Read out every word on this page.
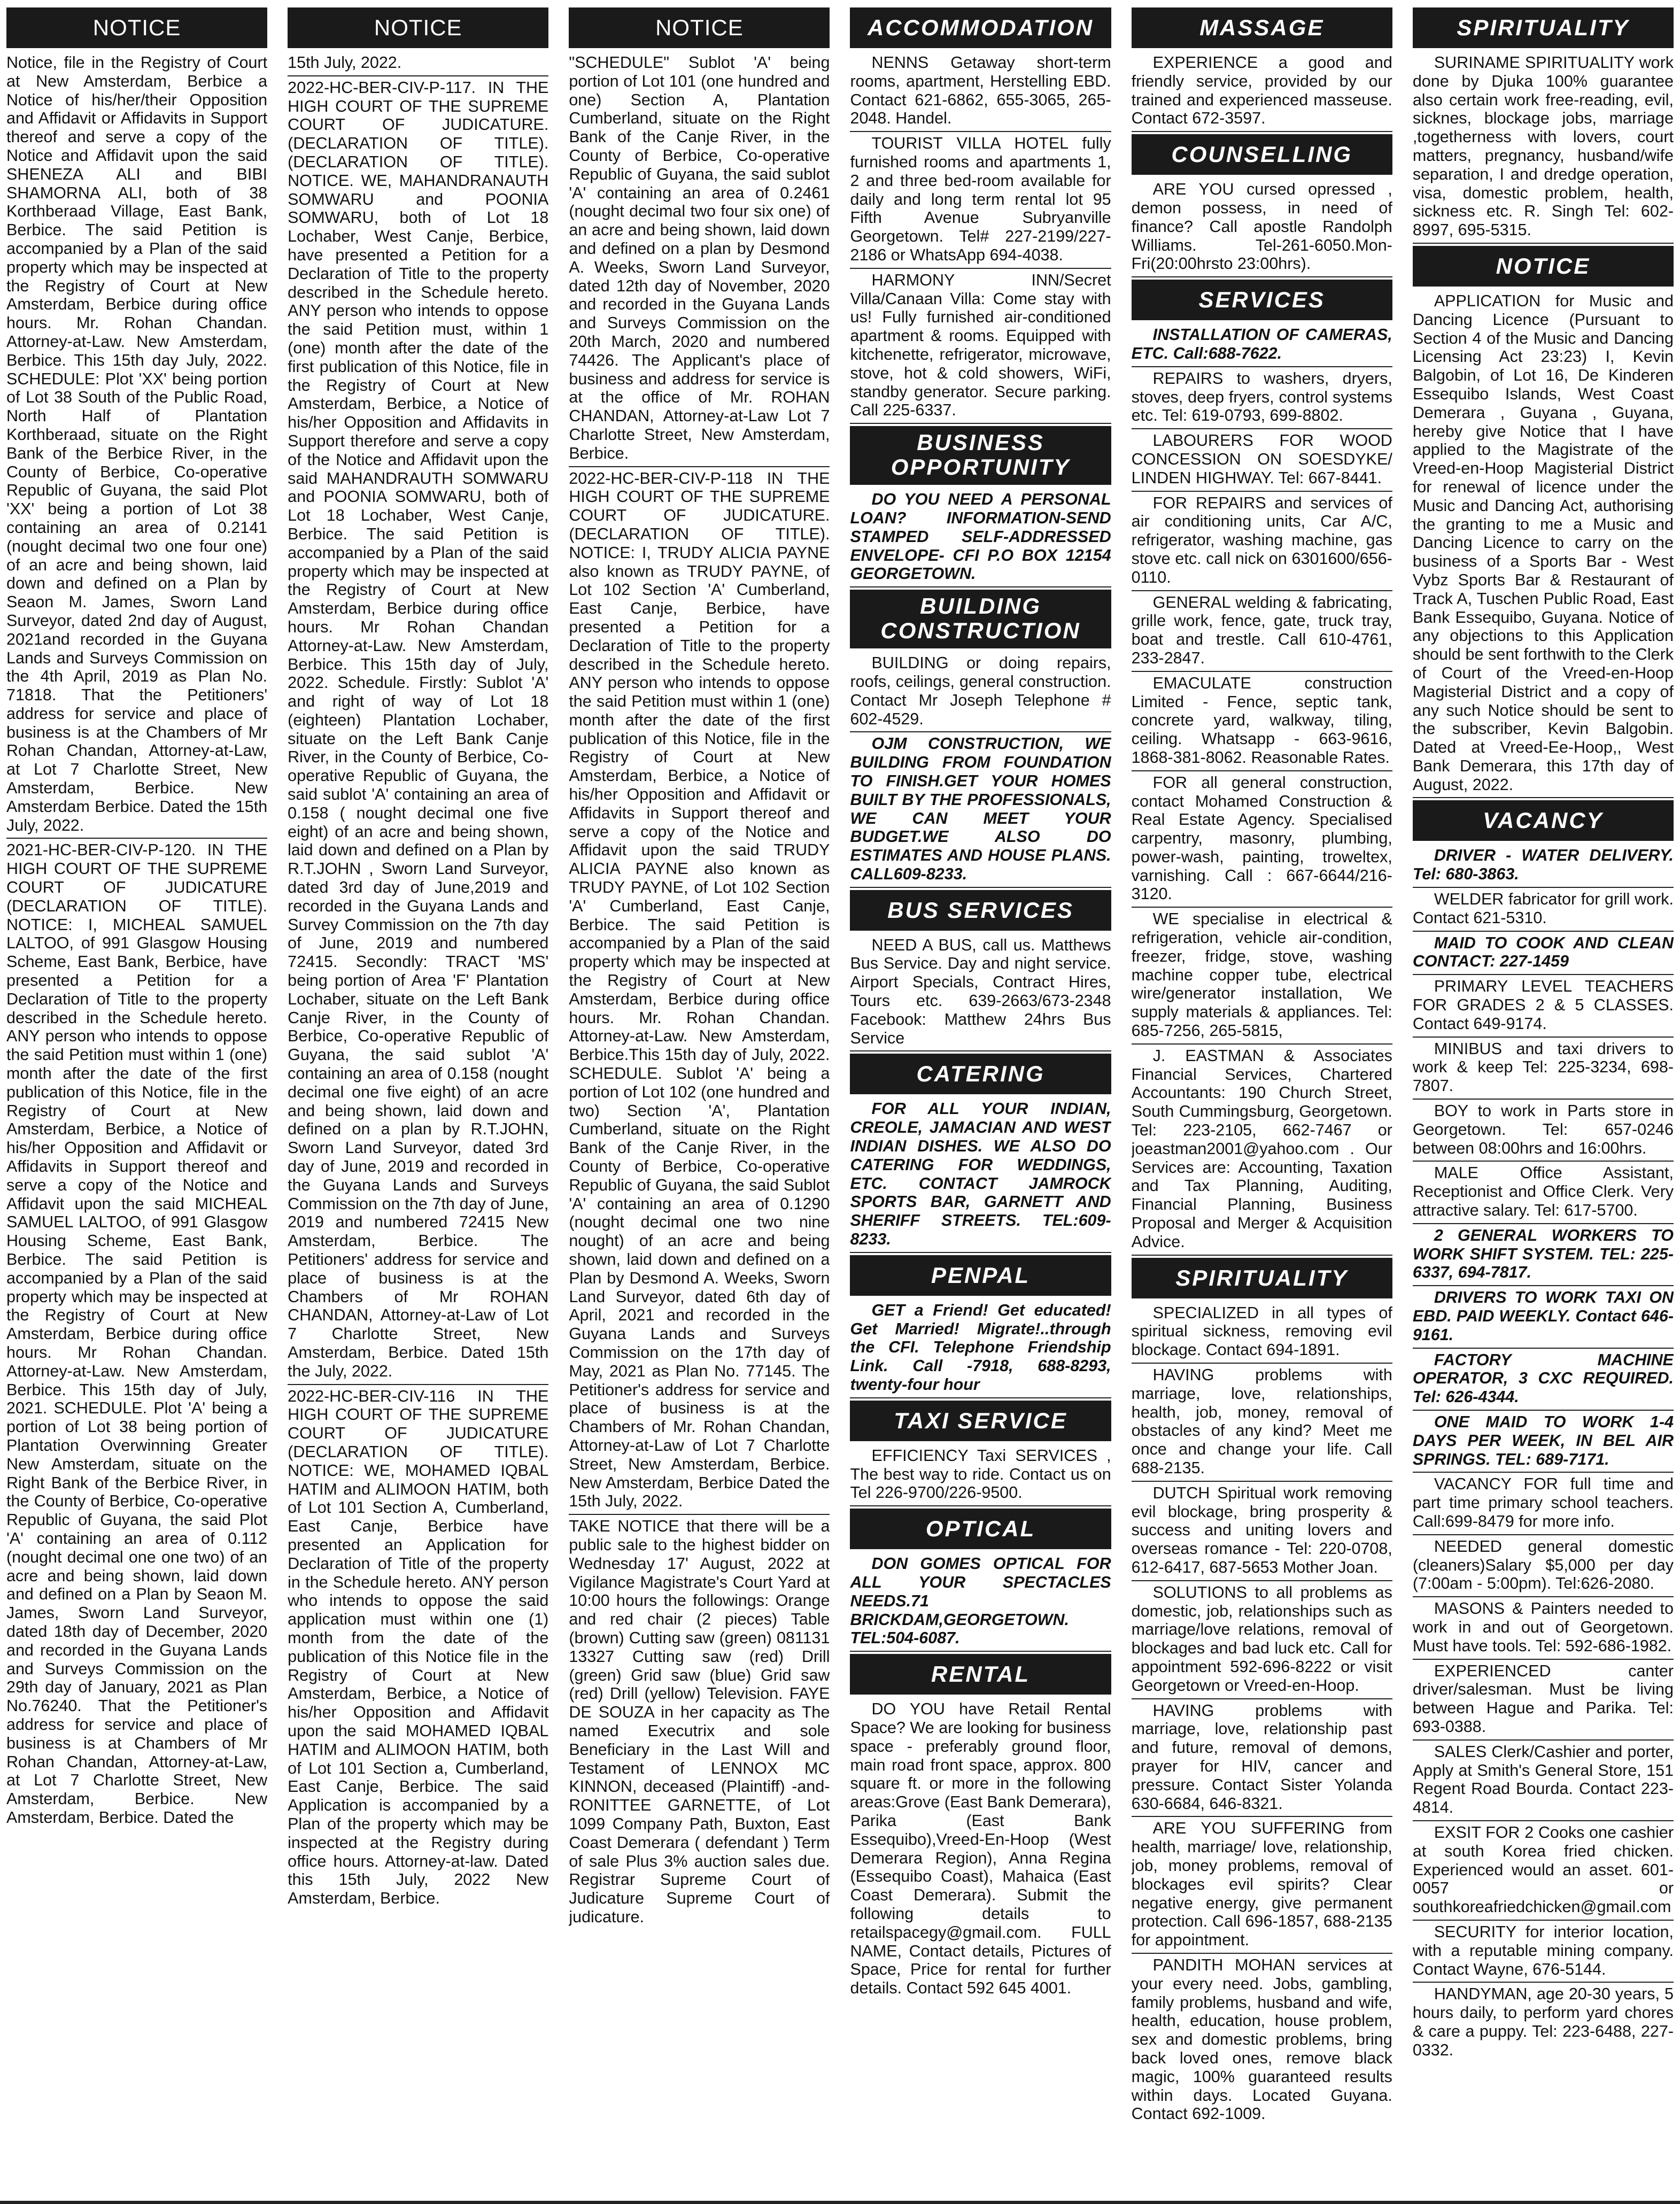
NOTICE

Notice, file in the Registry of Court at New Amsterdam, Berbice a Notice of his/her/their Opposition and Affidavit or Affidavits in Support thereof and serve a copy of the Notice and Affidavit upon the said SHENEZA ALI and BIBI SHAMORNA ALI, both of 38 Korthberaad Village, East Bank, Berbice. The said Petition is accompanied by a Plan of the said property which may be inspected at the Registry of Court at New Amsterdam, Berbice during office hours. Mr. Rohan Chandan. Attorney-at-Law. New Amsterdam, Berbice. This 15th day July, 2022. SCHEDULE: Plot 'XX' being portion of Lot 38 South of the Public Road, North Half of Plantation Korthberaad, situate on the Right Bank of the Berbice River, in the County of Berbice, Co-operative Republic of Guyana, the said Plot 'XX' being a portion of Lot 38 containing an area of 0.2141 (nought decimal two one four one) of an acre and being shown, laid down and defined on a Plan by Seaon M. James, Sworn Land Surveyor, dated 2nd day of August, 2021and recorded in the Guyana Lands and Surveys Commission on the 4th April, 2019 as Plan No. 71818. That the Petitioners' address for service and place of business is at the Chambers of Mr Rohan Chandan, Attorney-at-Law, at Lot 7 Charlotte Street, New Amsterdam, Berbice. New Amsterdam Berbice. Dated the 15th July, 2022.

2021-HC-BER-CIV-P-120. IN THE HIGH COURT OF THE SUPREME COURT OF JUDICATURE (DECLARATION OF TITLE). NOTICE: I, MICHEAL SAMUEL LALTOO, of 991 Glasgow Housing Scheme, East Bank, Berbice, have presented a Petition for a Declaration of Title to the property described in the Schedule hereto. ANY person who intends to oppose the said Petition must within 1 (one) month after the date of the first publication of this Notice, file in the Registry of Court at New Amsterdam, Berbice, a Notice of his/her Opposition and Affidavit or Affidavits in Support thereof and serve a copy of the Notice and Affidavit upon the said MICHEAL SAMUEL LALTOO, of 991 Glasgow Housing Scheme, East Bank, Berbice. The said Petition is accompanied by a Plan of the said property which may be inspected at the Registry of Court at New Amsterdam, Berbice during office hours. Mr Rohan Chandan. Attorney-at-Law. New Amsterdam, Berbice. This 15th day of July, 2021. SCHEDULE. Plot 'A' being a portion of Lot 38 being portion of Plantation Overwinning Greater New Amsterdam, situate on the Right Bank of the Berbice River, in the County of Berbice, Co-operative Republic of Guyana, the said Plot 'A' containing an area of 0.112 (nought decimal one one two) of an acre and being shown, laid down and defined on a Plan by Seaon M. James, Sworn Land Surveyor, dated 18th day of December, 2020 and recorded in the Guyana Lands and Surveys Commission on the 29th day of January, 2021 as Plan No.76240. That the Petitioner's address for service and place of business is at Chambers of Mr Rohan Chandan, Attorney-at-Law, at Lot 7 Charlotte Street, New Amsterdam, Berbice. New Amsterdam, Berbice. Dated the

NOTICE

15th July, 2022.

2022-HC-BER-CIV-P-117. IN THE HIGH COURT OF THE SUPREME COURT OF JUDICATURE. (DECLARATION OF TITLE). (DECLARATION OF TITLE). NOTICE. WE, MAHANDRANAUTH SOMWARU and POONIA SOMWARU, both of Lot 18 Lochaber, West Canje, Berbice, have presented a Petition for a Declaration of Title to the property described in the Schedule hereto. ANY person who intends to oppose the said Petition must, within 1 (one) month after the date of the first publication of this Notice, file in the Registry of Court at New Amsterdam, Berbice, a Notice of his/her Opposition and Affidavits in Support therefore and serve a copy of the Notice and Affidavit upon the said MAHANDRAUTH SOMWARU and POONIA SOMWARU, both of Lot 18 Lochaber, West Canje, Berbice. The said Petition is accompanied by a Plan of the said property which may be inspected at the Registry of Court at New Amsterdam, Berbice during office hours. Mr Rohan Chandan Attorney-at-Law. New Amsterdam, Berbice. This 15th day of July, 2022. Schedule. Firstly: Sublot 'A' and right of way of Lot 18 (eighteen) Plantation Lochaber, situate on the Left Bank Canje River, in the County of Berbice, Co-operative Republic of Guyana, the said sublot 'A' containing an area of 0.158 ( nought decimal one five eight) of an acre and being shown, laid down and defined on a Plan by R.T.JOHN , Sworn Land Surveyor, dated 3rd day of June,2019 and recorded in the Guyana Lands and Survey Commission on the 7th day of June, 2019 and numbered 72415. Secondly: TRACT 'MS' being portion of Area 'F' Plantation Lochaber, situate on the Left Bank Canje River, in the County of Berbice, Co-operative Republic of Guyana, the said sublot 'A' containing an area of 0.158 (nought decimal one five eight) of an acre and being shown, laid down and defined on a plan by R.T.JOHN, Sworn Land Surveyor, dated 3rd day of June, 2019 and recorded in the Guyana Lands and Surveys Commission on the 7th day of June, 2019 and numbered 72415 New Amsterdam, Berbice. The Petitioners' address for service and place of business is at the Chambers of Mr ROHAN CHANDAN, Attorney-at-Law of Lot 7 Charlotte Street, New Amsterdam, Berbice. Dated 15th the July, 2022.

2022-HC-BER-CIV-116 IN THE HIGH COURT OF THE SUPREME COURT OF JUDICATURE (DECLARATION OF TITLE). NOTICE: WE, MOHAMED IQBAL HATIM and ALIMOON HATIM, both of Lot 101 Section A, Cumberland, East Canje, Berbice have presented an Application for Declaration of Title of the property in the Schedule hereto. ANY person who intends to oppose the said application must within one (1) month from the date of the publication of this Notice file in the Registry of Court at New Amsterdam, Berbice, a Notice of his/her Opposition and Affidavit upon the said MOHAMED IQBAL HATIM and ALIMOON HATIM, both of Lot 101 Section a, Cumberland, East Canje, Berbice. The said Application is accompanied by a Plan of the property which may be inspected at the Registry during office hours. Attorney-at-law. Dated this 15th July, 2022 New Amsterdam, Berbice.

NOTICE

"SCHEDULE" Sublot 'A' being portion of Lot 101 (one hundred and one) Section A, Plantation Cumberland, situate on the Right Bank of the Canje River, in the County of Berbice, Co-operative Republic of Guyana, the said sublot 'A' containing an area of 0.2461 (nought decimal two four six one) of an acre and being shown, laid down and defined on a plan by Desmond A. Weeks, Sworn Land Surveyor, dated 12th day of November, 2020 and recorded in the Guyana Lands and Surveys Commission on the 20th March, 2020 and numbered 74426. The Applicant's place of business and address for service is at the office of Mr. ROHAN CHANDAN, Attorney-at-Law Lot 7 Charlotte Street, New Amsterdam, Berbice.

2022-HC-BER-CIV-P-118 IN THE HIGH COURT OF THE SUPREME COURT OF JUDICATURE. (DECLARATION OF TITLE). NOTICE: I, TRUDY ALICIA PAYNE also known as TRUDY PAYNE, of Lot 102 Section 'A' Cumberland, East Canje, Berbice, have presented a Petition for a Declaration of Title to the property described in the Schedule hereto. ANY person who intends to oppose the said Petition must within 1 (one) month after the date of the first publication of this Notice, file in the Registry of Court at New Amsterdam, Berbice, a Notice of his/her Opposition and Affidavit or Affidavits in Support thereof and serve a copy of the Notice and Affidavit upon the said TRUDY ALICIA PAYNE also known as TRUDY PAYNE, of Lot 102 Section 'A' Cumberland, East Canje, Berbice. The said Petition is accompanied by a Plan of the said property which may be inspected at the Registry of Court at New Amsterdam, Berbice during office hours. Mr. Rohan Chandan. Attorney-at-Law. New Amsterdam, Berbice.This 15th day of July, 2022. SCHEDULE. Sublot 'A' being a portion of Lot 102 (one hundred and two) Section 'A', Plantation Cumberland, situate on the Right Bank of the Canje River, in the County of Berbice, Co-operative Republic of Guyana, the said Sublot 'A' containing an area of 0.1290 (nought decimal one two nine nought) of an acre and being shown, laid down and defined on a Plan by Desmond A. Weeks, Sworn Land Surveyor, dated 6th day of April, 2021 and recorded in the Guyana Lands and Surveys Commission on the 17th day of May, 2021 as Plan No. 77145. The Petitioner's address for service and place of business is at the Chambers of Mr. Rohan Chandan, Attorney-at-Law of Lot 7 Charlotte Street, New Amsterdam, Berbice. New Amsterdam, Berbice Dated the 15th July, 2022.

TAKE NOTICE that there will be a public sale to the highest bidder on Wednesday 17' August, 2022 at Vigilance Magistrate's Court Yard at 10:00 hours the followings: Orange and red chair (2 pieces) Table (brown) Cutting saw (green) 081131 13327 Cutting saw (red) Drill (green) Grid saw (blue) Grid saw (red) Drill (yellow) Television. FAYE DE SOUZA in her capacity as The named Executrix and sole Beneficiary in the Last Will and Testament of LENNOX MC KINNON, deceased (Plaintiff) -and-RONITTEE GARNETTE, of Lot 1099 Company Path, Buxton, East Coast Demerara ( defendant ) Term of sale Plus 3% auction sales due. Registrar Supreme Court of Judicature Supreme Court of judicature.

ACCOMMODATION

NENNS Getaway short-term rooms, apartment, Herstelling EBD. Contact 621-6862, 655-3065, 265-2048. Handel.

TOURIST VILLA HOTEL fully furnished rooms and apartments 1, 2 and three bed-room available for daily and long term rental lot 95 Fifth Avenue Subryanville Georgetown. Tel# 227-2199/227-2186 or WhatsApp 694-4038.

HARMONY INN/Secret Villa/Canaan Villa: Come stay with us! Fully furnished air-conditioned apartment & rooms. Equipped with kitchenette, refrigerator, microwave, stove, hot & cold showers, WiFi, standby generator. Secure parking. Call 225-6337.

BUSINESS
OPPORTUNITY

DO YOU NEED A PERSONAL LOAN? INFORMATION-SEND STAMPED SELF-ADDRESSED ENVELOPE- CFI P.O BOX 12154 GEORGETOWN.

BUILDING
CONSTRUCTION

BUILDING or doing repairs, roofs, ceilings, general construction. Contact Mr Joseph Telephone # 602-4529.

OJM CONSTRUCTION, WE BUILDING FROM FOUNDATION TO FINISH.GET YOUR HOMES BUILT BY THE PROFESSIONALS, WE CAN MEET YOUR BUDGET.WE ALSO DO ESTIMATES AND HOUSE PLANS. CALL609-8233.

BUS SERVICES

NEED A BUS, call us. Matthews Bus Service. Day and night service. Airport Specials, Contract Hires, Tours etc. 639-2663/673-2348 Facebook: Matthew 24hrs Bus Service

CATERING

FOR ALL YOUR INDIAN, CREOLE, JAMACIAN AND WEST INDIAN DISHES. WE ALSO DO CATERING FOR WEDDINGS, ETC. CONTACT JAMROCK SPORTS BAR, GARNETT AND SHERIFF STREETS. TEL:609-8233.

PENPAL

GET a Friend! Get educated! Get Married! Migrate!..through the CFI. Telephone Friendship Link. Call -7918, 688-8293, twenty-four hour

TAXI SERVICE

EFFICIENCY Taxi SERVICES , The best way to ride. Contact us on Tel 226-9700/226-9500.

OPTICAL

DON GOMES OPTICAL FOR ALL YOUR SPECTACLES NEEDS.71 BRICKDAM,GEORGETOWN. TEL:504-6087.

RENTAL

DO YOU have Retail Rental Space? We are looking for business space - preferably ground floor, main road front space, approx. 800 square ft. or more in the following areas:Grove (East Bank Demerara), Parika (East Bank Essequibo),Vreed-En-Hoop (West Demerara Region), Anna Regina (Essequibo Coast), Mahaica (East Coast Demerara). Submit the following details to retailspacegy@gmail.com. FULL NAME, Contact details, Pictures of Space, Price for rental for further details. Contact 592 645 4001.

MASSAGE

EXPERIENCE a good and friendly service, provided by our trained and experienced masseuse. Contact 672-3597.

COUNSELLING

ARE YOU cursed opressed , demon possess, in need of finance? Call apostle Randolph Williams. Tel-261-6050.Mon-Fri(20:00hrsto 23:00hrs).

SERVICES

INSTALLATION OF CAMERAS, ETC. Call:688-7622.

REPAIRS to washers, dryers, stoves, deep fryers, control systems etc. Tel: 619-0793, 699-8802.

LABOURERS FOR WOOD CONCESSION ON SOESDYKE/ LINDEN HIGHWAY. Tel: 667-8441.

FOR REPAIRS and services of air conditioning units, Car A/C, refrigerator, washing machine, gas stove etc. call nick on 6301600/656-0110.

GENERAL welding & fabricating, grille work, fence, gate, truck tray, boat and trestle. Call 610-4761, 233-2847.

EMACULATE construction Limited - Fence, septic tank, concrete yard, walkway, tiling, ceiling. Whatsapp - 663-9616, 1868-381-8062. Reasonable Rates.

FOR all general construction, contact Mohamed Construction & Real Estate Agency. Specialised carpentry, masonry, plumbing, power-wash, painting, troweltex, varnishing. Call : 667-6644/216-3120.

WE specialise in electrical & refrigeration, vehicle air-condition, freezer, fridge, stove, washing machine copper tube, electrical wire/generator installation, We supply materials & appliances. Tel: 685-7256, 265-5815,

J. EASTMAN & Associates Financial Services, Chartered Accountants: 190 Church Street, South Cummingsburg, Georgetown. Tel: 223-2105, 662-7467 or joeastman2001@yahoo.com . Our Services are: Accounting, Taxation and Tax Planning, Auditing, Financial Planning, Business Proposal and Merger & Acquisition Advice.

SPIRITUALITY

SPECIALIZED in all types of spiritual sickness, removing evil blockage. Contact 694-1891.

HAVING problems with marriage, love, relationships, health, job, money, removal of obstacles of any kind? Meet me once and change your life. Call 688-2135.

DUTCH Spiritual work removing evil blockage, bring prosperity & success and uniting lovers and overseas romance - Tel: 220-0708, 612-6417, 687-5653 Mother Joan.

SOLUTIONS to all problems as domestic, job, relationships such as marriage/love relations, removal of blockages and bad luck etc. Call for appointment 592-696-8222 or visit Georgetown or Vreed-en-Hoop.

HAVING problems with marriage, love, relationship past and future, removal of demons, prayer for HIV, cancer and pressure. Contact Sister Yolanda 630-6684, 646-8321.

ARE YOU SUFFERING from health, marriage/ love, relationship, job, money problems, removal of blockages evil spirits? Clear negative energy, give permanent protection. Call 696-1857, 688-2135 for appointment.

PANDITH MOHAN services at your every need. Jobs, gambling, family problems, husband and wife, health, education, house problem, sex and domestic problems, bring back loved ones, remove black magic, 100% guaranteed results within days. Located Guyana. Contact 692-1009.

SPIRITUALITY

SURINAME SPIRITUALITY work done by Djuka 100% guarantee also certain work free-reading, evil, sicknes, blockage jobs, marriage ,togetherness with lovers, court matters, pregnancy, husband/wife separation, I and dredge operation, visa, domestic problem, health, sickness etc. R. Singh Tel: 602-8997, 695-5315.

NOTICE

APPLICATION for Music and Dancing Licence (Pursuant to Section 4 of the Music and Dancing Licensing Act 23:23) I, Kevin Balgobin, of Lot 16, De Kinderen Essequibo Islands, West Coast Demerara , Guyana , Guyana, hereby give Notice that I have applied to the Magistrate of the Vreed-en-Hoop Magisterial District for renewal of licence under the Music and Dancing Act, authorising the granting to me a Music and Dancing Licence to carry on the business of a Sports Bar - West Vybz Sports Bar & Restaurant of Track A, Tuschen Public Road, East Bank Essequibo, Guyana. Notice of any objections to this Application should be sent forthwith to the Clerk of Court of the Vreed-en-Hoop Magisterial District and a copy of any such Notice should be sent to the subscriber, Kevin Balgobin. Dated at Vreed-Ee-Hoop,, West Bank Demerara, this 17th day of August, 2022.

VACANCY

DRIVER - WATER DELIVERY. Tel: 680-3863.

WELDER fabricator for grill work. Contact 621-5310.

MAID TO COOK AND CLEAN CONTACT: 227-1459

PRIMARY LEVEL TEACHERS FOR GRADES 2 & 5 CLASSES. Contact 649-9174.

MINIBUS and taxi drivers to work & keep Tel: 225-3234, 698-7807.

BOY to work in Parts store in Georgetown. Tel: 657-0246 between 08:00hrs and 16:00hrs.

MALE Office Assistant, Receptionist and Office Clerk. Very attractive salary. Tel: 617-5700.

2 GENERAL WORKERS TO WORK SHIFT SYSTEM. TEL: 225-6337, 694-7817.

DRIVERS TO WORK TAXI ON EBD. PAID WEEKLY. Contact 646-9161.

FACTORY MACHINE OPERATOR, 3 CXC REQUIRED. Tel: 626-4344.

ONE MAID TO WORK 1-4 DAYS PER WEEK, IN BEL AIR SPRINGS. TEL: 689-7171.

VACANCY FOR full time and part time primary school teachers. Call:699-8479 for more info.

NEEDED general domestic (cleaners)Salary $5,000 per day (7:00am - 5:00pm). Tel:626-2080.

MASONS & Painters needed to work in and out of Georgetown. Must have tools. Tel: 592-686-1982.

EXPERIENCED canter driver/salesman. Must be living between Hague and Parika. Tel: 693-0388.

SALES Clerk/Cashier and porter, Apply at Smith's General Store, 151 Regent Road Bourda. Contact 223-4814.

EXSIT FOR 2 Cooks one cashier at south Korea fried chicken. Experienced would an asset. 601-0057 or southkoreafriedchicken@gmail.com

SECURITY for interior location, with a reputable mining company. Contact Wayne, 676-5144.

HANDYMAN, age 20-30 years, 5 hours daily, to perform yard chores & care a puppy. Tel: 223-6488, 227-0332.
